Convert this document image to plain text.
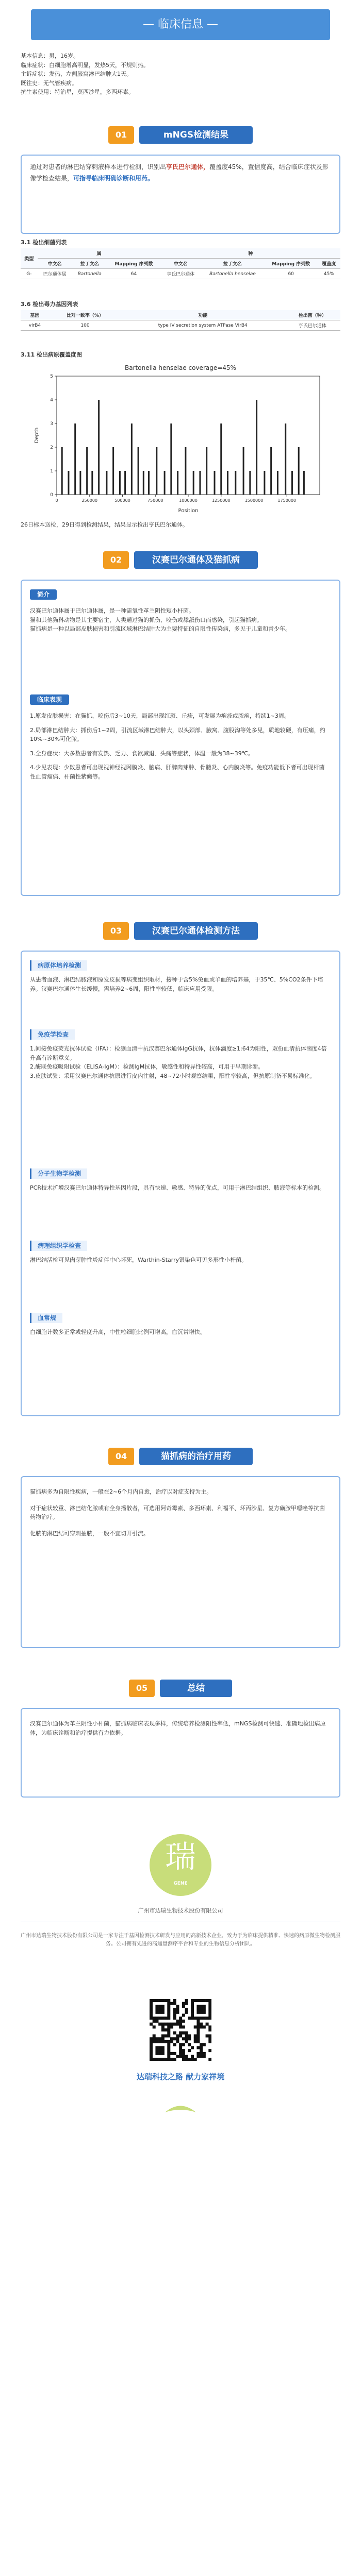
— 临床信息 —
基本信息：男，16岁。
临床症状：白细胞增高明显，发热5天，不规则热。
主诉症状：发热，左侧腋窝淋巴结肿大1天。
既往史：无气管疾病。
抗生素使用：特治星，莫西沙星，多西环素。
01	mNGS检测结果
通过对患者的淋巴结穿刺液样本进行检测，识别出亨氏巴尔通体，覆盖度45%，置信度高，结合临床症状及影像学检查结果，可指导临床明确诊断和用药。
3.1 检出细菌列表
类型	属			种			
	中文名	拉丁文名	Mapping 序列数	中文名	拉丁文名	Mapping 序列数	覆盖度
G-	巴尔通体属	Bartonella	64	亨氏巴尔通体	Bartonella henselae	60	45%
3.6 检出毒力基因列表
基因	比对一致率（%）	功能	检出菌（种）
virB4	100	type IV secretion system ATPase VirB4	亨氏巴尔通体
3.11 检出病原覆盖度图
Bartonella henselae coverage=45%
0
1
2
3
4
5
0	250000	500000	750000	1000000	1250000	1500000	1750000
Position
Depth
26日标本送检，29日得到检测结果，结果显示检出亨氏巴尔通体。
02	汉赛巴尔通体及猫抓病
简介
汉赛巴尔通体属于巴尔通体属，是一种需氧性革兰阴性短小杆菌。
猫和其他猫科动物是其主要宿主，人类通过猫的抓伤、咬伤或舔舐伤口而感染，引起猫抓病。
猫抓病是一种以局部皮肤损害和引流区域淋巴结肿大为主要特征的自限性传染病，多见于儿童和青少年。
临床表现
1.原发皮肤损害：在猫抓、咬伤后3~10天，局部出现红斑、丘疹，可发展为疱疹或脓疱，持续1~3周。
2.局部淋巴结肿大：抓伤后1~2周，引流区域淋巴结肿大，以头颈部、腋窝、腹股沟等处多见，质地较硬，有压痛，约10%~30%可化脓。
3.全身症状：大多数患者有发热、乏力、食欲减退、头痛等症状，体温一般为38~39℃。
4.少见表现：少数患者可出现视神经视网膜炎、脑病、肝脾肉芽肿、骨髓炎、心内膜炎等。免疫功能低下者可出现杆菌性血管瘤病、杆菌性紫癜等。
03	汉赛巴尔通体检测方法
病原体培养检测
从患者血液、淋巴结脓液和原发皮损等病变组织取材，接种于含5%兔血或羊血的培养基，于35℃、5%CO2条件下培养。汉赛巴尔通体生长缓慢，需培养2~6周，阳性率较低，临床应用受限。
免疫学检查
1.间接免疫荧光抗体试验（IFA）：检测血清中抗汉赛巴尔通体IgG抗体，抗体滴度≥1:64为阳性，双份血清抗体滴度4倍升高有诊断意义。
2.酶联免疫吸附试验（ELISA-IgM）：检测IgM抗体，敏感性和特异性较高，可用于早期诊断。
3.皮肤试验：采用汉赛巴尔通体抗原进行皮内注射，48~72小时观察结果，阳性率较高，但抗原制备不易标准化。
分子生物学检测
PCR技术扩增汉赛巴尔通体特异性基因片段，具有快速、敏感、特异的优点，可用于淋巴结组织、脓液等标本的检测。
病理组织学检查
淋巴结活检可见肉芽肿性炎症伴中心坏死，Warthin-Starry银染色可见多形性小杆菌。
血常规
白细胞计数多正常或轻度升高，中性粒细胞比例可增高，血沉常增快。
04	猫抓病的治疗用药
猫抓病多为自限性疾病，一般在2~6个月内自愈，治疗以对症支持为主。
对于症状较重、淋巴结化脓或有全身播散者，可选用阿奇霉素、多西环素、利福平、环丙沙星、复方磺胺甲噁唑等抗菌药物治疗。
化脓的淋巴结可穿刺抽脓，一般不宜切开引流。
05	总结
汉赛巴尔通体为革兰阴性小杆菌，猫抓病临床表现多样，传统培养检测阳性率低，mNGS检测可快速、准确地检出病原体，为临床诊断和治疗提供有力依据。
瑞
GENE
广州市达瑞生物技术股份有限公司
广州市达瑞生物技术股份有限公司是一家专注于基因检测技术研发与应用的高新技术企业，致力于为临床提供精准、快速的病原微生物检测服务。公司拥有先进的高通量测序平台和专业的生物信息分析团队。
达瑞科技之路 献力家祥境
